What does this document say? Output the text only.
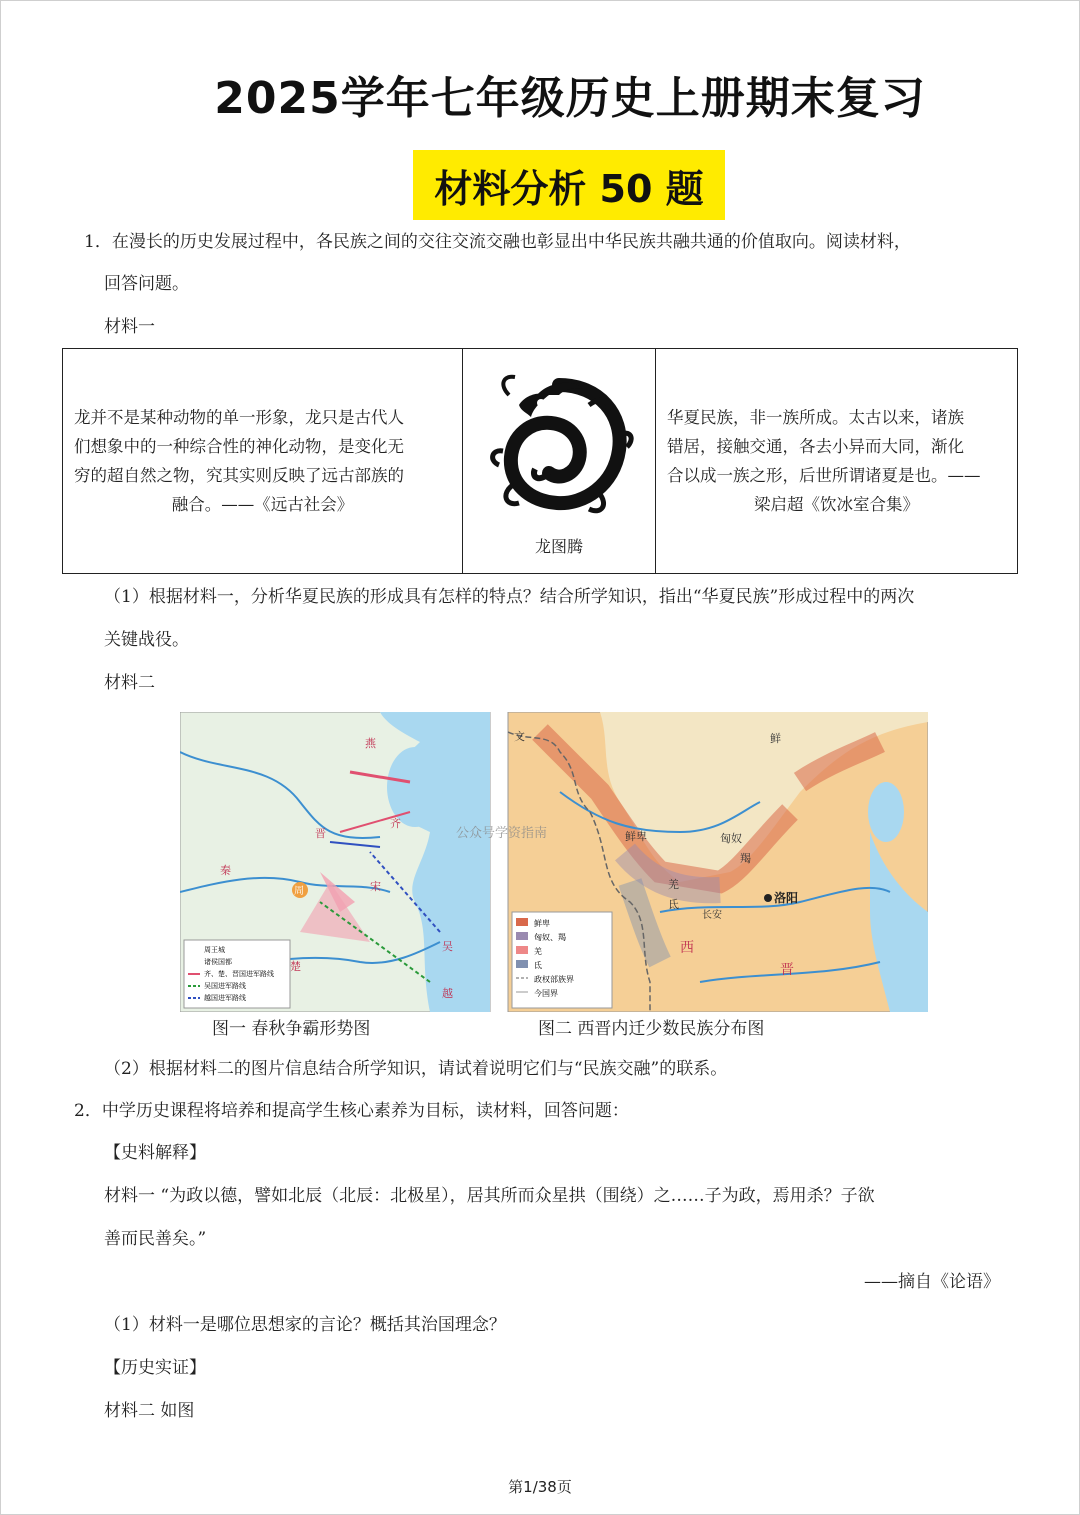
2025学年七年级历史上册期末复习
材料分析 50 题
1．在漫长的历史发展过程中，各民族之间的交往交流交融也彰显出中华民族共融共通的价值取向。阅读材料，
回答问题。
材料一
龙并不是某种动物的单一形象，龙只是古代人
们想象中的一种综合性的神化动物，是变化无
穷的超自然之物，究其实则反映了远古部族的
融合。——《远古社会》

龙图腾

华夏民族，非一族所成。太古以来，诸族
错居，接触交通，各去小异而大同，渐化
合以成一族之形，后世所谓诸夏是也。——
梁启超《饮冰室合集》
（1）根据材料一，分析华夏民族的形成具有怎样的特点？结合所学知识，指出“华夏民族”形成过程中的两次
关键战役。
材料二
燕
齐
晋
秦
宋
楚
吴
越
周
周王城
诸侯国都
齐、楚、晋国进军路线
吴国进军路线
越国进军路线
鲜
鲜卑	匈奴
羯
羌
氐
长安
洛阳
西
晋
文
鲜卑
匈奴、羯
羌
氐
政权部族界
今国界
公众号学资指南
图一 春秋争霸形势图	图二 西晋内迁少数民族分布图
（2）根据材料二的图片信息结合所学知识，请试着说明它们与“民族交融”的联系。
2．中学历史课程将培养和提高学生核心素养为目标，读材料，回答问题：
【史料解释】
材料一 “为政以德，譬如北辰（北辰：北极星），居其所而众星拱（围绕）之……子为政，焉用杀？子欲
善而民善矣。”
——摘自《论语》
（1）材料一是哪位思想家的言论？概括其治国理念？
【历史实证】
材料二 如图
第1/38页
